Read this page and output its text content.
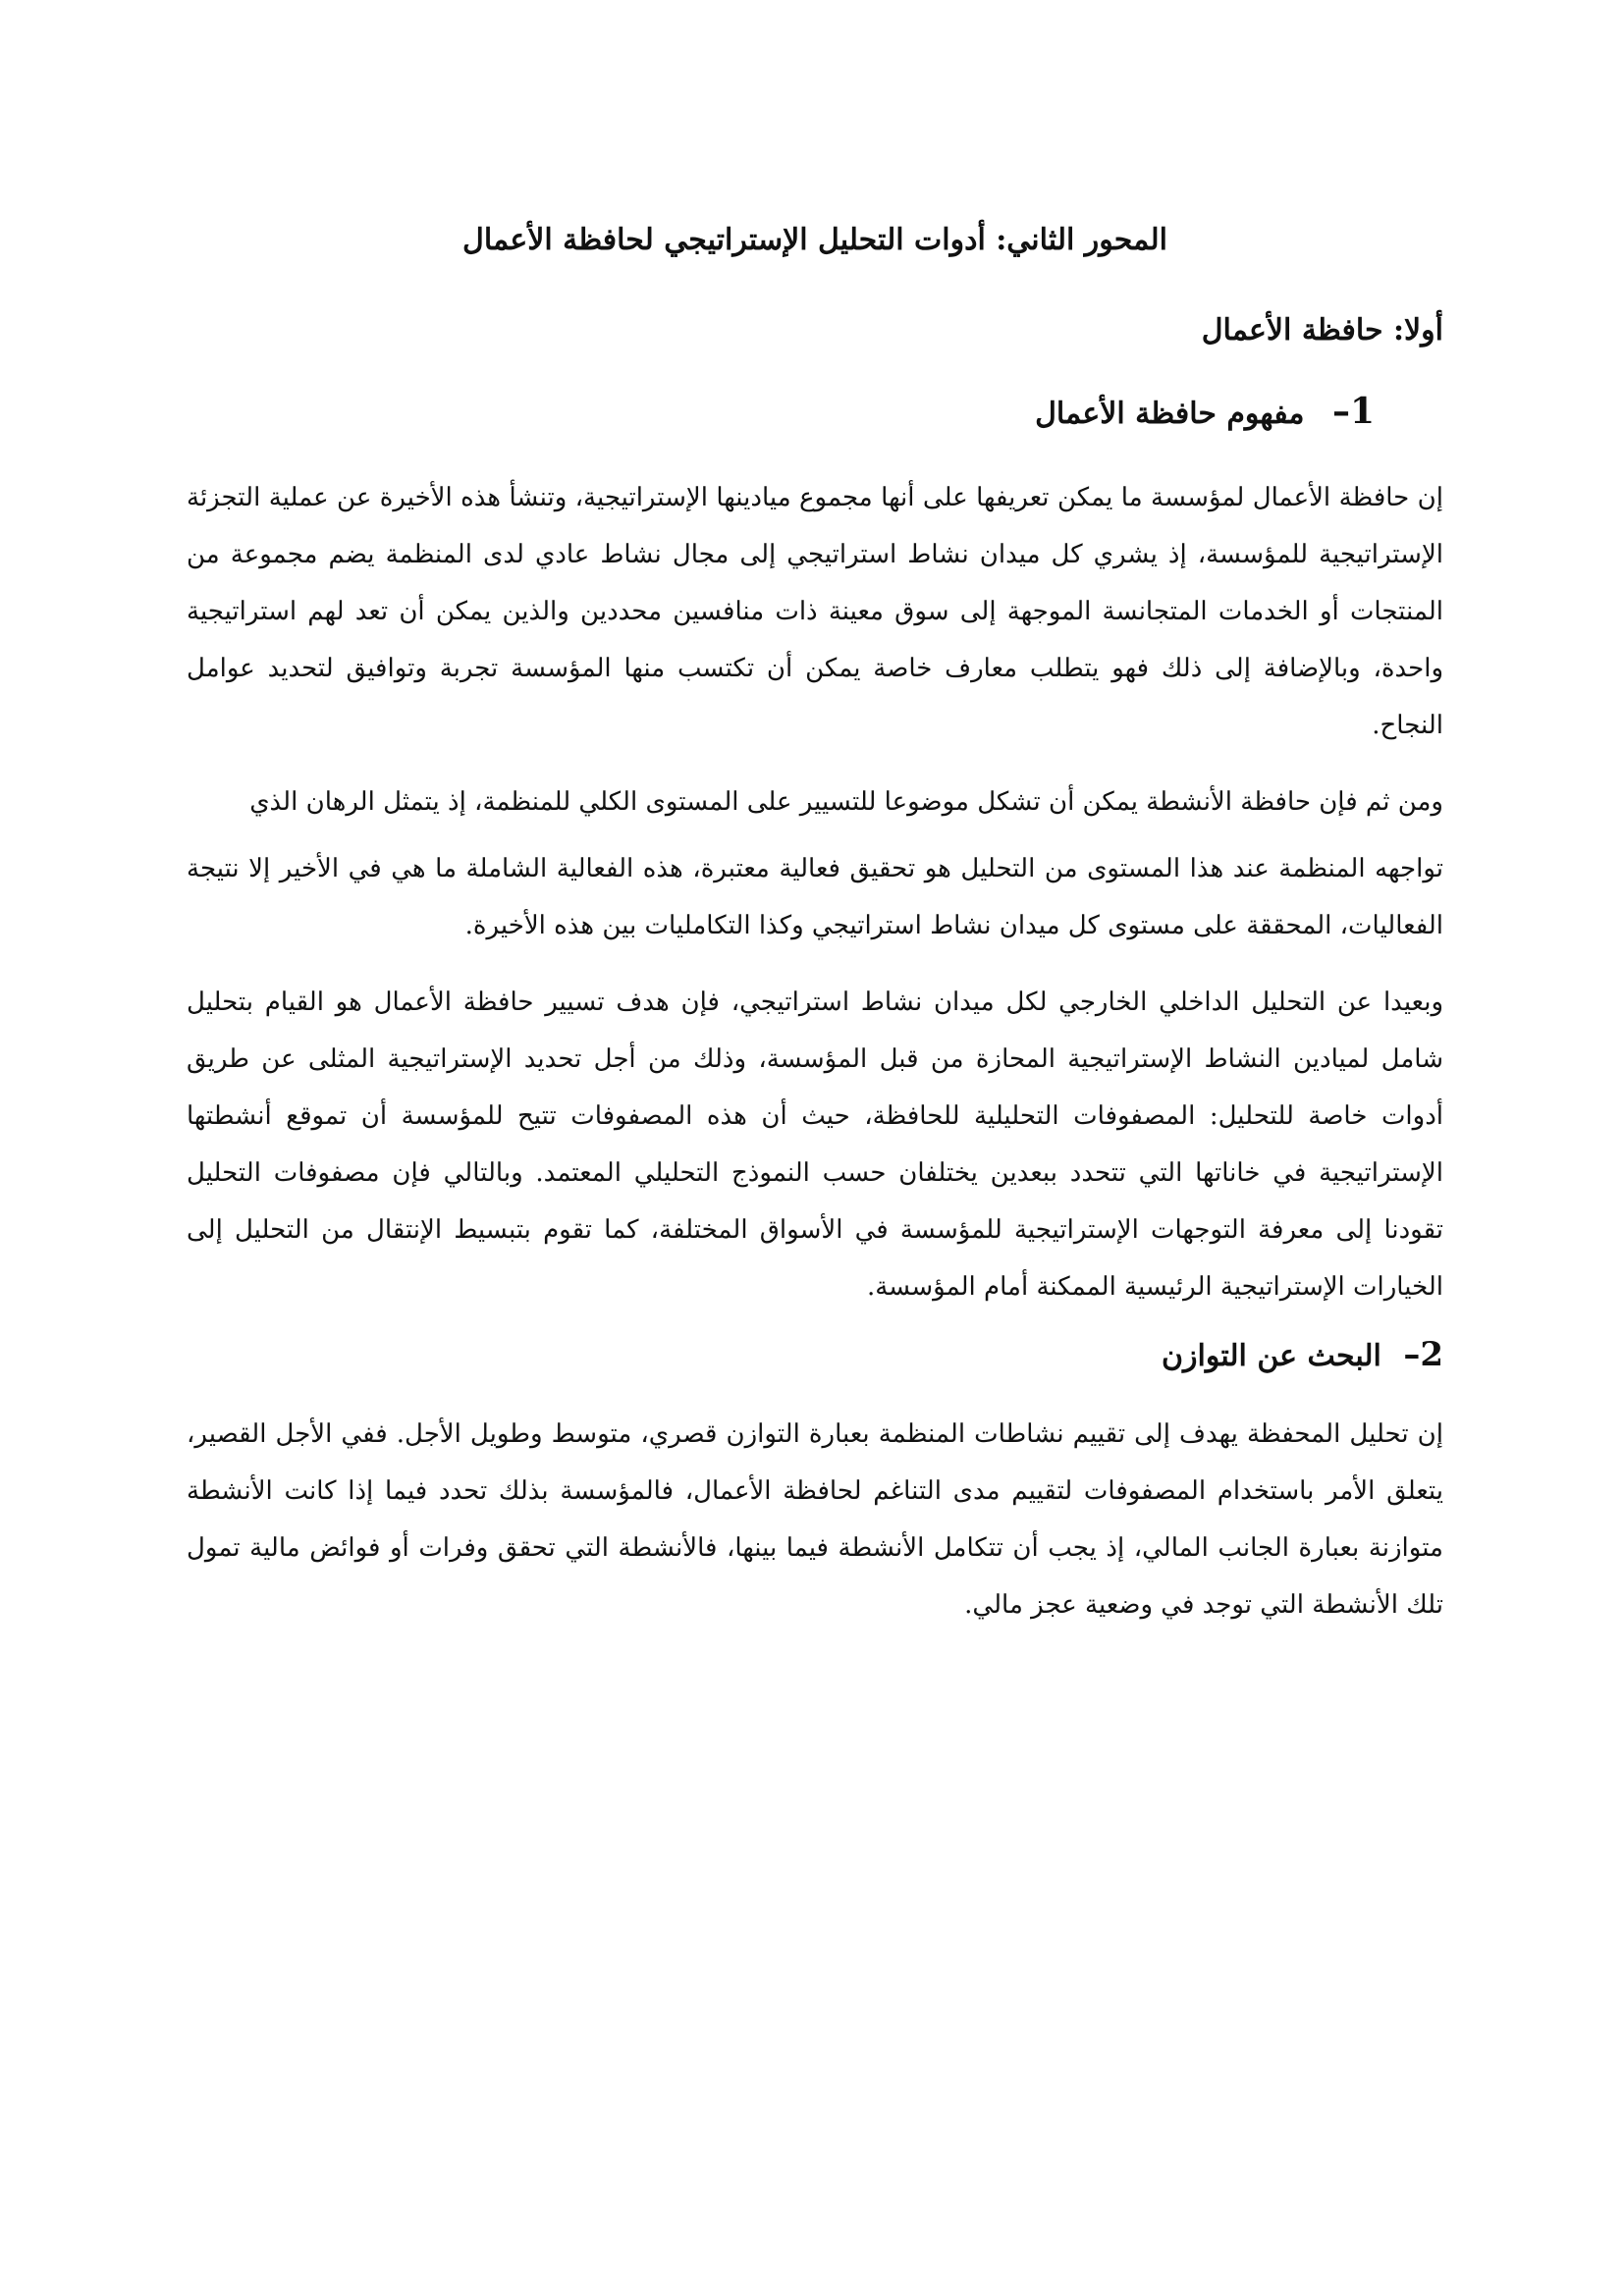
المحور الثاني: أدوات التحليل الإستراتيجي لحافظة الأعمال
أولا: حافظة الأعمال
1– مفهوم حافظة الأعمال

إن حافظة الأعمال لمؤسسة ما يمكن تعريفها على أنها مجموع ميادينها الإستراتيجية، وتنشأ هذه الأخيرة عن عملية التجزئة الإستراتيجية للمؤسسة، إذ يشري كل ميدان نشاط استراتيجي إلى مجال نشاط عادي لدى المنظمة يضم مجموعة من المنتجات أو الخدمات المتجانسة الموجهة إلى سوق معينة ذات منافسين محددين والذين يمكن أن تعد لهم استراتيجية واحدة، وبالإضافة إلى ذلك فهو يتطلب معارف خاصة يمكن أن تكتسب منها المؤسسة تجربة وتوافيق لتحديد عوامل النجاح.

ومن ثم فإن حافظة الأنشطة يمكن أن تشكل موضوعا للتسيير على المستوى الكلي للمنظمة، إذ يتمثل الرهان الذي

تواجهه المنظمة عند هذا المستوى من التحليل هو تحقيق فعالية معتبرة، هذه الفعالية الشاملة ما هي في الأخير إلا نتيجة الفعاليات، المحققة على مستوى كل ميدان نشاط استراتيجي وكذا التكامليات بين هذه الأخيرة.

وبعيدا عن التحليل الداخلي الخارجي لكل ميدان نشاط استراتيجي، فإن هدف تسيير حافظة الأعمال هو القيام بتحليل شامل لميادين النشاط الإستراتيجية المحازة من قبل المؤسسة، وذلك من أجل تحديد الإستراتيجية المثلى عن طريق أدوات خاصة للتحليل: المصفوفات التحليلية للحافظة، حيث أن هذه المصفوفات تتيح للمؤسسة أن تموقع أنشطتها الإستراتيجية في خاناتها التي تتحدد ببعدين يختلفان حسب النموذج التحليلي المعتمد. وبالتالي فإن مصفوفات التحليل تقودنا إلى معرفة التوجهات الإستراتيجية للمؤسسة في الأسواق المختلفة، كما تقوم بتبسيط الإنتقال من التحليل إلى الخيارات الإستراتيجية الرئيسية الممكنة أمام المؤسسة.

2– البحث عن التوازن

إن تحليل المحفظة يهدف إلى تقييم نشاطات المنظمة بعبارة التوازن قصري، متوسط وطويل الأجل. ففي الأجل القصير، يتعلق الأمر باستخدام المصفوفات لتقييم مدى التناغم لحافظة الأعمال، فالمؤسسة بذلك تحدد فيما إذا كانت الأنشطة متوازنة بعبارة الجانب المالي، إذ يجب أن تتكامل الأنشطة فيما بينها، فالأنشطة التي تحقق وفرات أو فوائض مالية تمول تلك الأنشطة التي توجد في وضعية عجز مالي.
